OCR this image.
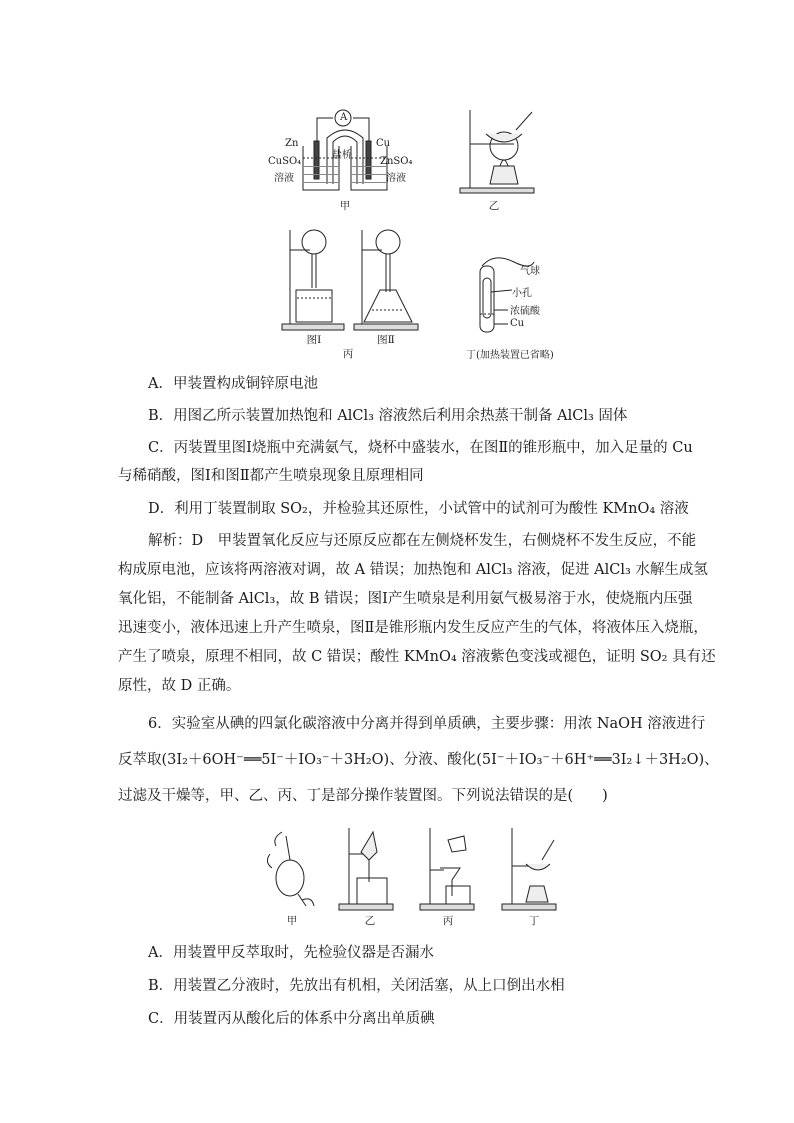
A
Zn	Cu
盐桥
CuSO₄
溶液
ZnSO₄
溶液
甲	乙
图Ⅰ	图Ⅱ
丙
气球
小孔
浓硫酸
Cu
丁(加热装置已省略)
A．甲装置构成铜锌原电池
B．用图乙所示装置加热饱和 AlCl₃ 溶液然后利用余热蒸干制备 AlCl₃ 固体
C．丙装置里图Ⅰ烧瓶中充满氨气，烧杯中盛装水，在图Ⅱ的锥形瓶中，加入足量的 Cu
与稀硝酸，图Ⅰ和图Ⅱ都产生喷泉现象且原理相同
D．利用丁装置制取 SO₂，并检验其还原性，小试管中的试剂可为酸性 KMnO₄ 溶液
解析：D　甲装置氧化反应与还原反应都在左侧烧杯发生，右侧烧杯不发生反应，不能
构成原电池，应该将两溶液对调，故 A 错误；加热饱和 AlCl₃ 溶液，促进 AlCl₃ 水解生成氢
氧化铝，不能制备 AlCl₃，故 B 错误；图Ⅰ产生喷泉是利用氨气极易溶于水，使烧瓶内压强
迅速变小，液体迅速上升产生喷泉，图Ⅱ是锥形瓶内发生反应产生的气体，将液体压入烧瓶，
产生了喷泉，原理不相同，故 C 错误；酸性 KMnO₄ 溶液紫色变浅或褪色，证明 SO₂ 具有还
原性，故 D 正确。
6．实验室从碘的四氯化碳溶液中分离并得到单质碘，主要步骤：用浓 NaOH 溶液进行
反萃取(3I₂＋6OH⁻══5I⁻＋IO₃⁻＋3H₂O)、分液、酸化(5I⁻＋IO₃⁻＋6H⁺══3I₂↓＋3H₂O)、
过滤及干燥等，甲、乙、丙、丁是部分操作装置图。下列说法错误的是(　　)
甲	乙	丙	丁
A．用装置甲反萃取时，先检验仪器是否漏水
B．用装置乙分液时，先放出有机相，关闭活塞，从上口倒出水相
C．用装置丙从酸化后的体系中分离出单质碘
